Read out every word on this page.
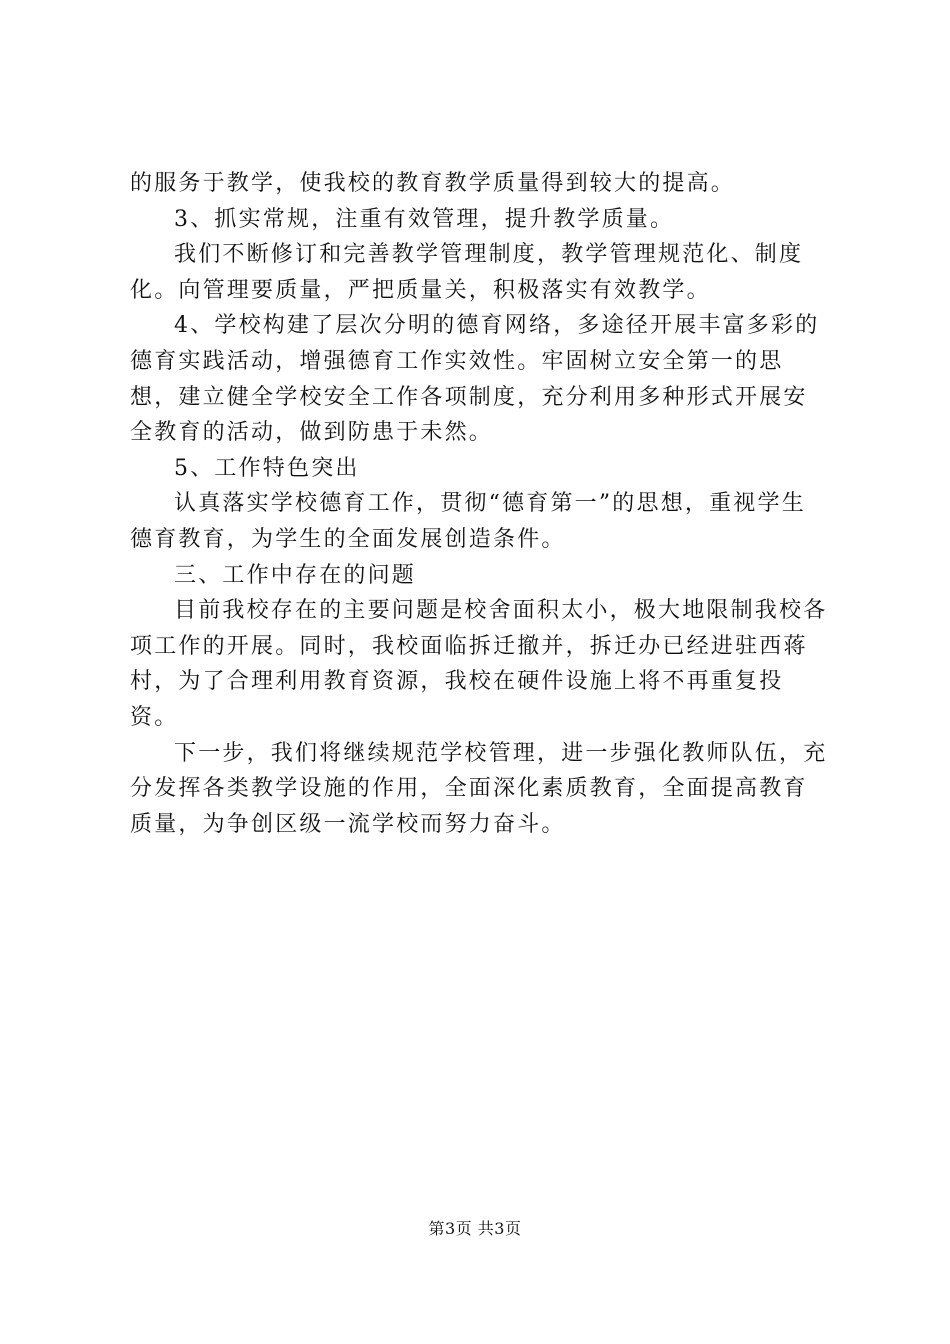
的服务于教学，使我校的教育教学质量得到较大的提高。

3、抓实常规，注重有效管理，提升教学质量。

我们不断修订和完善教学管理制度，教学管理规范化、制度化。向管理要质量，严把质量关，积极落实有效教学。

4、学校构建了层次分明的德育网络，多途径开展丰富多彩的德育实践活动，增强德育工作实效性。牢固树立安全第一的思想，建立健全学校安全工作各项制度，充分利用多种形式开展安全教育的活动，做到防患于未然。

5、工作特色突出

认真落实学校德育工作，贯彻“德育第一”的思想，重视学生德育教育，为学生的全面发展创造条件。

三、工作中存在的问题

目前我校存在的主要问题是校舍面积太小，极大地限制我校各项工作的开展。同时，我校面临拆迁撤并，拆迁办已经进驻西蒋村，为了合理利用教育资源，我校在硬件设施上将不再重复投资。

下一步，我们将继续规范学校管理，进一步强化教师队伍，充分发挥各类教学设施的作用，全面深化素质教育，全面提高教育质量，为争创区级一流学校而努力奋斗。

第3页 共3页
